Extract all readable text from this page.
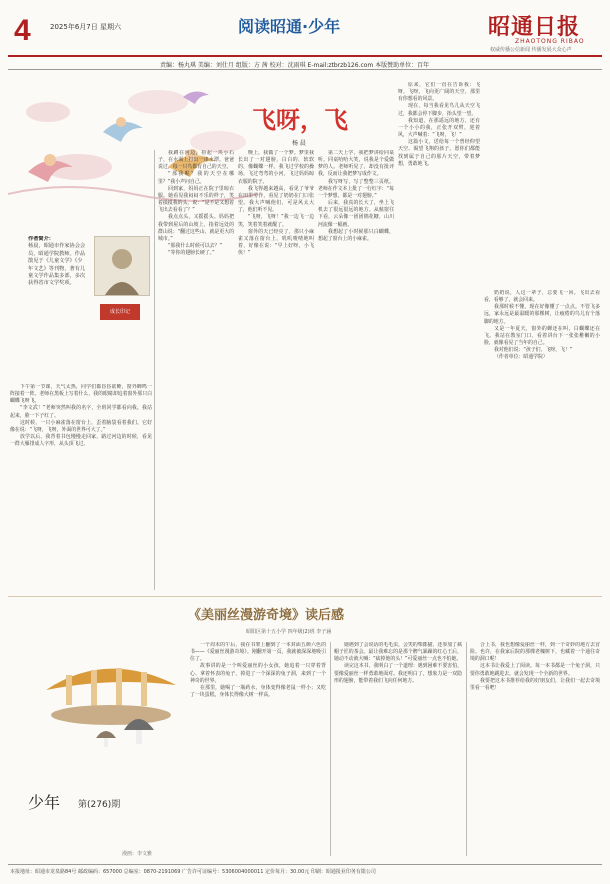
4	2025年6月7日 星期六	阅读昭通·少年	昭通日报
ZHAOTONG RIBAO
权威传播公信新闻 传播发展大众心声
责编：杨丸琪 美编：刘仕月 组版：方 茜 校对：沈雨琪 E-mail:ztbrzb126.com 本版赞助单位：百年
飞呀，飞
杨 晨
作者简介：
杨晨，昭通市作家协会会员，昭通学院教师。作品散见于《儿童文学》《少年文艺》等刊物，著有儿童文学作品集多部，多次获得省市文学奖项。
成长印记

下午第一节课，天气太热，同学们都昏昏欲睡，窗外蝉鸣一阵接着一阵。老师在黑板上写着什么，我的眼睛却追着窗外那只白蝴蝶飞呀飞。

“李文武！”老师突然叫我的名字，全班同学都看向我。我站起来，脸一下子红了。

这时候，一只小麻雀落在窗台上，歪着脑袋看着我们。它好像在说：“飞呀，飞呀，外面的世界可大了。”

放学以后，我背着书包慢慢走回家，路过河边的时候，看见一群大雁排成人字形，从头顶飞过。

我蹲在河边，捡起一块小石子，在水面上打出一串水漂。爸爸说过，每一只鸟都有自己的天空。

“那我呢？我的天空在哪里？”我小声问自己。

回到家，妈妈正在院子里晾衣服。她看见我闷闷不乐的样子，笑着摸摸我的头，说：“是不是又想着飞出去看看了？”

我点点头，又摇摇头。妈妈把我带到屋后的山坡上，指着远处的群山说：“翻过这些山，就是更大的城市。”

“那我什么时候可以去？”

“等你的翅膀长硬了。”

晚上，我做了一个梦。梦里我长出了一对翅膀，白白的，软软的，像蝴蝶一样。我飞过学校的操场，飞过弯弯的小河，飞过妈妈晾衣服的院子。

我飞得越来越高，看见了爷爷在田里劳作，看见了奶奶在门口张望。我大声喊他们，可是风太大了，他们听不见。

“飞呀，飞呀！”我一边飞一边笑，笑着笑着就醒了。

窗外的天已经亮了，那只小麻雀又落在窗台上，叽叽喳喳地叫着，好像在说：“早上好呀，小飞侠！”

第二天上学，我把梦讲给同桌听。同桌哈哈大笑，说我是个爱做梦的人。老师听见了，却没有批评我，反而让我把梦写成作文。

我写呀写，写了整整三页纸。老师在作文本上批了一行红字：“每一个梦想，都是一对翅膀。”

后来，我真的长大了，坐上飞机去了很远很远的地方。从舷窗往下看，云朵像一团团棉花糖，山川河流像一幅画。

我想起了小时候那只白蝴蝶，想起了窗台上的小麻雀。

原来，它们一直在告诉我：飞呀，飞呀，飞向更广阔的天空，那里有你想看的风景。

现在，每当我看见鸟儿从天空飞过，我都会停下脚步，抬头望一望。

我知道，在那遥远的地方，还有一个小小的我，正张开双臂，迎着风，大声喊着：“飞呀，飞！”

这篇小文，送给每一个曾经仰望天空、渴望飞翔的孩子。愿你们都能找到属于自己的那片天空，带着梦想，勇敢地飞。

奶奶说，人这一辈子，总要飞一回。飞出去看看，看够了，就会回来。

我那时候不懂，现在好像懂了一点点。不管飞多远，家永远是最温暖的那棵树，让疲倦的鸟儿有个落脚的地方。

又是一年夏天，窗外的蝉还在叫，白蝴蝶还在飞。我站在教室门口，看着讲台下一张张稚嫩的小脸，就像看见了当年的自己。

我对他们说：“孩子们，飞呀，飞！”

（作者单位：昭通学院）

《美丽丝漫游奇境》读后感
昭阳区第十五小学 四年级(2)班 李子涵
少年 第(276)期
漫画：李文雅

一个周末的午后，我在书架上翻到了一本封面五颜六色的书——《爱丽丝漫游奇境》。刚翻开第一页，我就被深深地吸引住了。

故事讲的是一个叫爱丽丝的小女孩，她追着一只穿着背心、拿着怀表的兔子，掉进了一个深深的兔子洞，来到了一个神奇的世界。

在那里，她喝了一瓶药水，身体变得像老鼠一样小；又吃了一块蛋糕，身体长得像大树一样高。

她遇到了会说话的毛毛虫，会笑的柴郡猫，还参加了疯帽子匠的茶会。最让我难忘的是那个脾气暴躁的红心王后，她动不动就大喊：“砍掉他的头！”可爱丽丝一点也不怕她。

读完这本书，我明白了一个道理：遇到困难不要害怕，要像爱丽丝一样勇敢地面对。我还明白了，想象力是一双隐形的翅膀，能带着我们飞向任何地方。

合上书，我也想像爱丽丝一样，到一个奇妙的地方去冒险。也许，在我家后院的那棵老槐树下，也藏着一个通往奇境的洞口呢！

这本书让我爱上了阅读。每一本书都是一个兔子洞，只要你勇敢地跳进去，就会发现一个全新的世界。

我要把这本书推荐给我的好朋友们，让我们一起去奇境里看一看吧！

本报地址：昭通市龙泉路84号 邮政编码：657000 总编室：0870-2191069 广告许可证编号：5306004000011 定价每月：30.00元 印刷：昭通报业印务有限公司
